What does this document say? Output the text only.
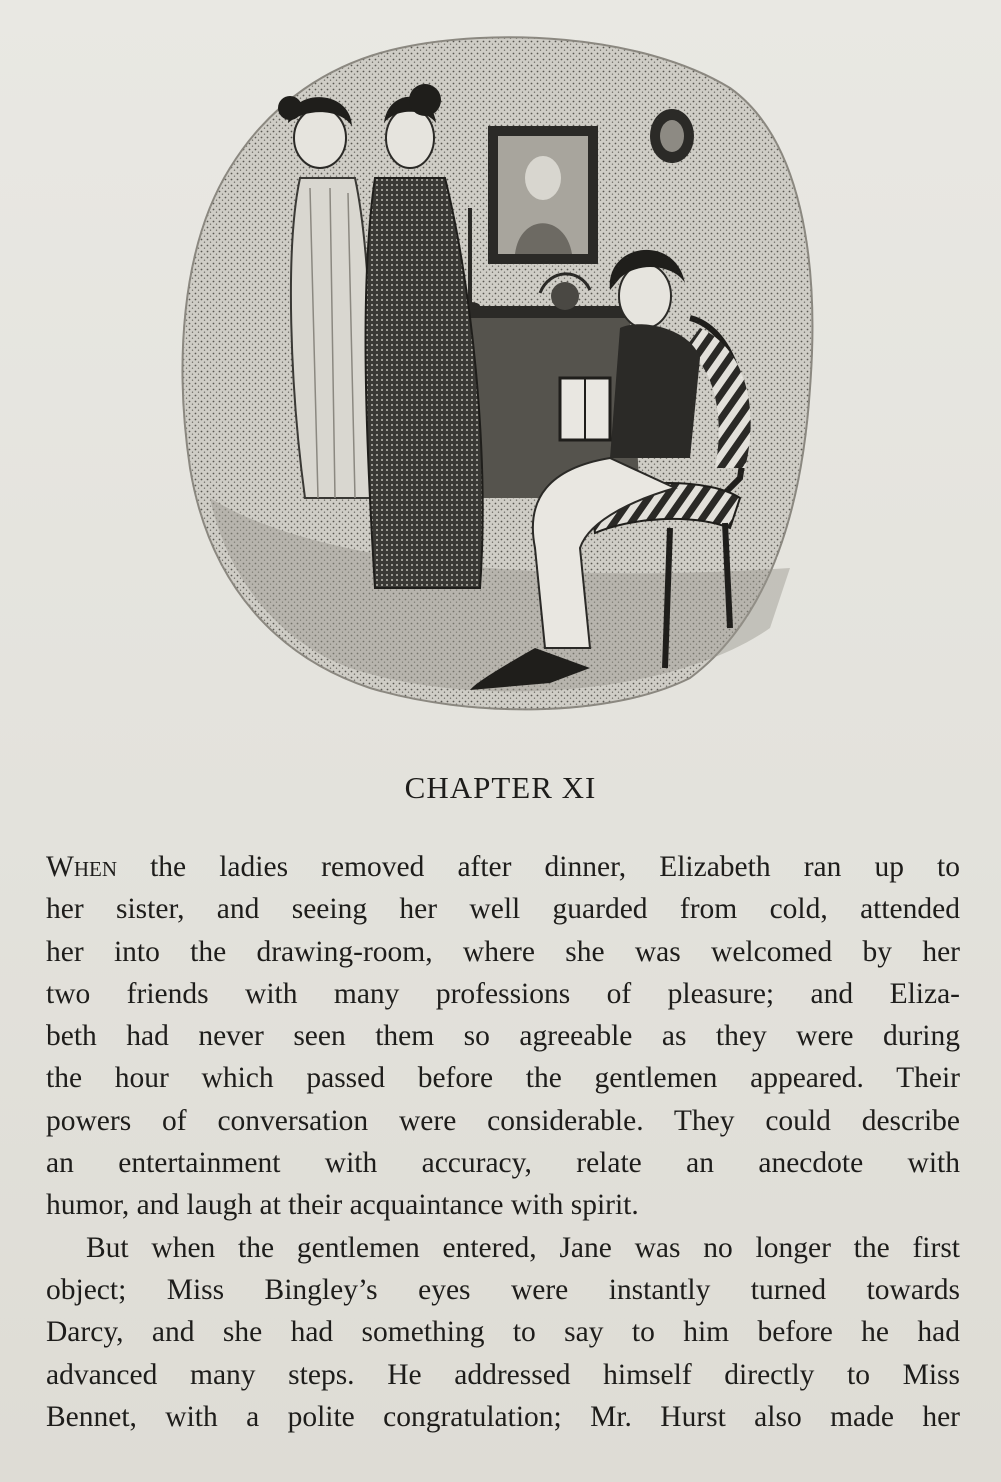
CHAPTER XI
When the ladies removed after dinner, Elizabeth ran up to
her sister, and seeing her well guarded from cold, attended
her into the drawing-room, where she was welcomed by her
two friends with many professions of pleasure; and Eliza-
beth had never seen them so agreeable as they were during
the hour which passed before the gentlemen appeared. Their
powers of conversation were considerable. They could describe
an entertainment with accuracy, relate an anecdote with
humor, and laugh at their acquaintance with spirit.
But when the gentlemen entered, Jane was no longer the first
object; Miss Bingley’s eyes were instantly turned towards
Darcy, and she had something to say to him before he had
advanced many steps. He addressed himself directly to Miss
Bennet, with a polite congratulation; Mr. Hurst also made her
